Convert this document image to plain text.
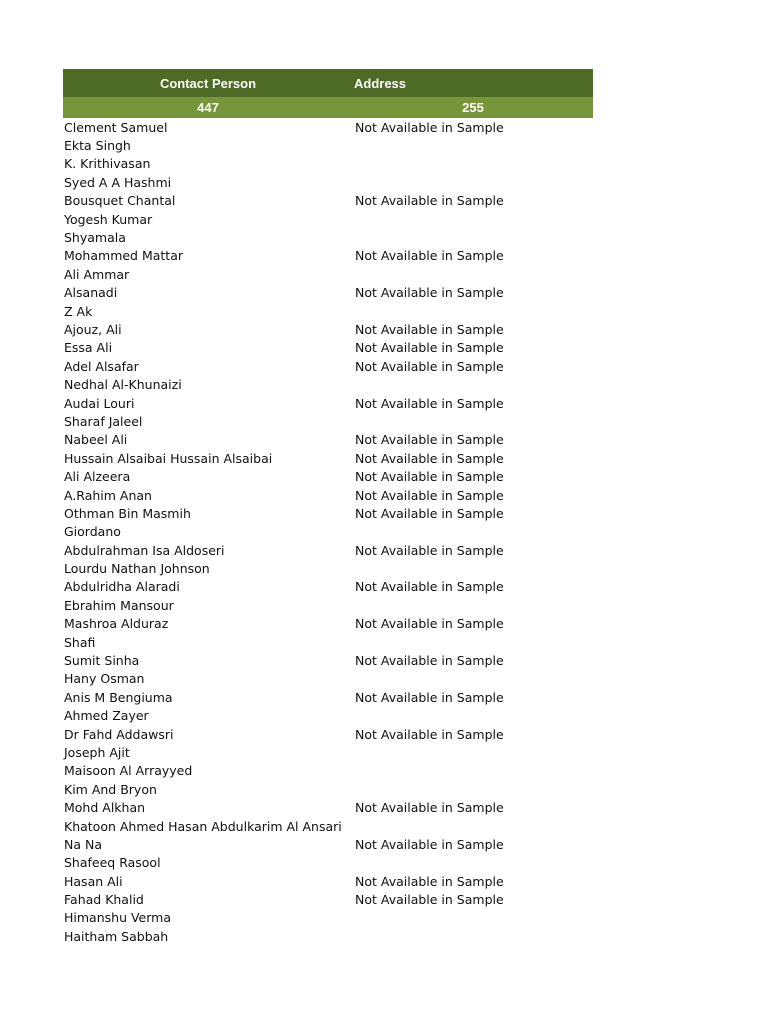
Contact Person	Address
447	255
Clement Samuel	Not Available in Sample
Ekta Singh
K. Krithivasan
Syed A A Hashmi
Bousquet Chantal	Not Available in Sample
Yogesh Kumar
Shyamala
Mohammed Mattar	Not Available in Sample
Ali Ammar
Alsanadi	Not Available in Sample
Z Ak
Ajouz, Ali	Not Available in Sample
Essa Ali	Not Available in Sample
Adel Alsafar	Not Available in Sample
Nedhal Al-Khunaizi
Audai Louri	Not Available in Sample
Sharaf Jaleel
Nabeel Ali	Not Available in Sample
Hussain Alsaibai Hussain Alsaibai	Not Available in Sample
Ali Alzeera	Not Available in Sample
A.Rahim Anan	Not Available in Sample
Othman Bin Masmih	Not Available in Sample
Giordano
Abdulrahman Isa Aldoseri	Not Available in Sample
Lourdu Nathan Johnson
Abdulridha Alaradi	Not Available in Sample
Ebrahim Mansour
Mashroa Alduraz	Not Available in Sample
Shafi
Sumit Sinha	Not Available in Sample
Hany Osman
Anis M Bengiuma	Not Available in Sample
Ahmed Zayer
Dr Fahd Addawsri	Not Available in Sample
Joseph Ajit
Maisoon Al Arrayyed
Kim And Bryon
Mohd Alkhan	Not Available in Sample
Khatoon Ahmed Hasan Abdulkarim Al Ansari
Na Na	Not Available in Sample
Shafeeq Rasool
Hasan Ali	Not Available in Sample
Fahad Khalid	Not Available in Sample
Himanshu Verma
Haitham Sabbah
